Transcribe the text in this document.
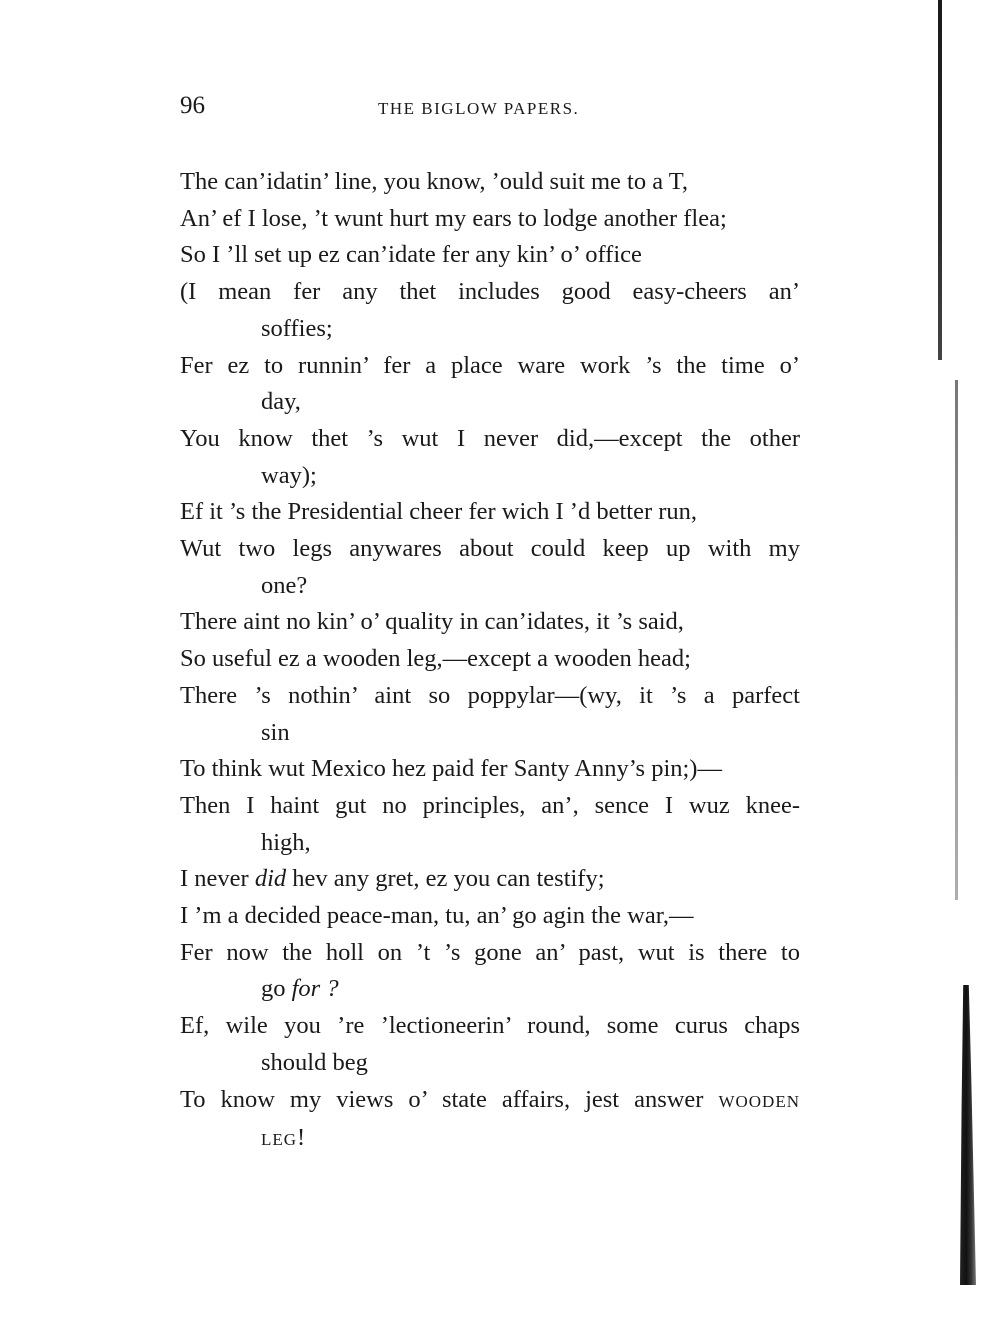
96	THE BIGLOW PAPERS.
The can’idatin’ line, you know, ’ould suit me to a T,
An’ ef I lose, ’t wunt hurt my ears to lodge another flea;
So I ’ll set up ez can’idate fer any kin’ o’ office
(I mean fer any thet includes good easy-cheers an’
soffies;
Fer ez to runnin’ fer a place ware work ’s the time o’
day,
You know thet ’s wut I never did,—except the other
way);
Ef it ’s the Presidential cheer fer wich I ’d better run,
Wut two legs anywares about could keep up with my
one?
There aint no kin’ o’ quality in can’idates, it ’s said,
So useful ez a wooden leg,—except a wooden head;
There ’s nothin’ aint so poppylar—(wy, it ’s a parfect
sin
To think wut Mexico hez paid fer Santy Anny’s pin;)—
Then I haint gut no principles, an’, sence I wuz knee-
high,
I never did hev any gret, ez you can testify;
I ’m a decided peace-man, tu, an’ go agin the war,—
Fer now the holl on ’t ’s gone an’ past, wut is there to
go for ?
Ef, wile you ’re ’lectioneerin’ round, some curus chaps
should beg
To know my views o’ state affairs, jest answer WOODEN
LEG!
